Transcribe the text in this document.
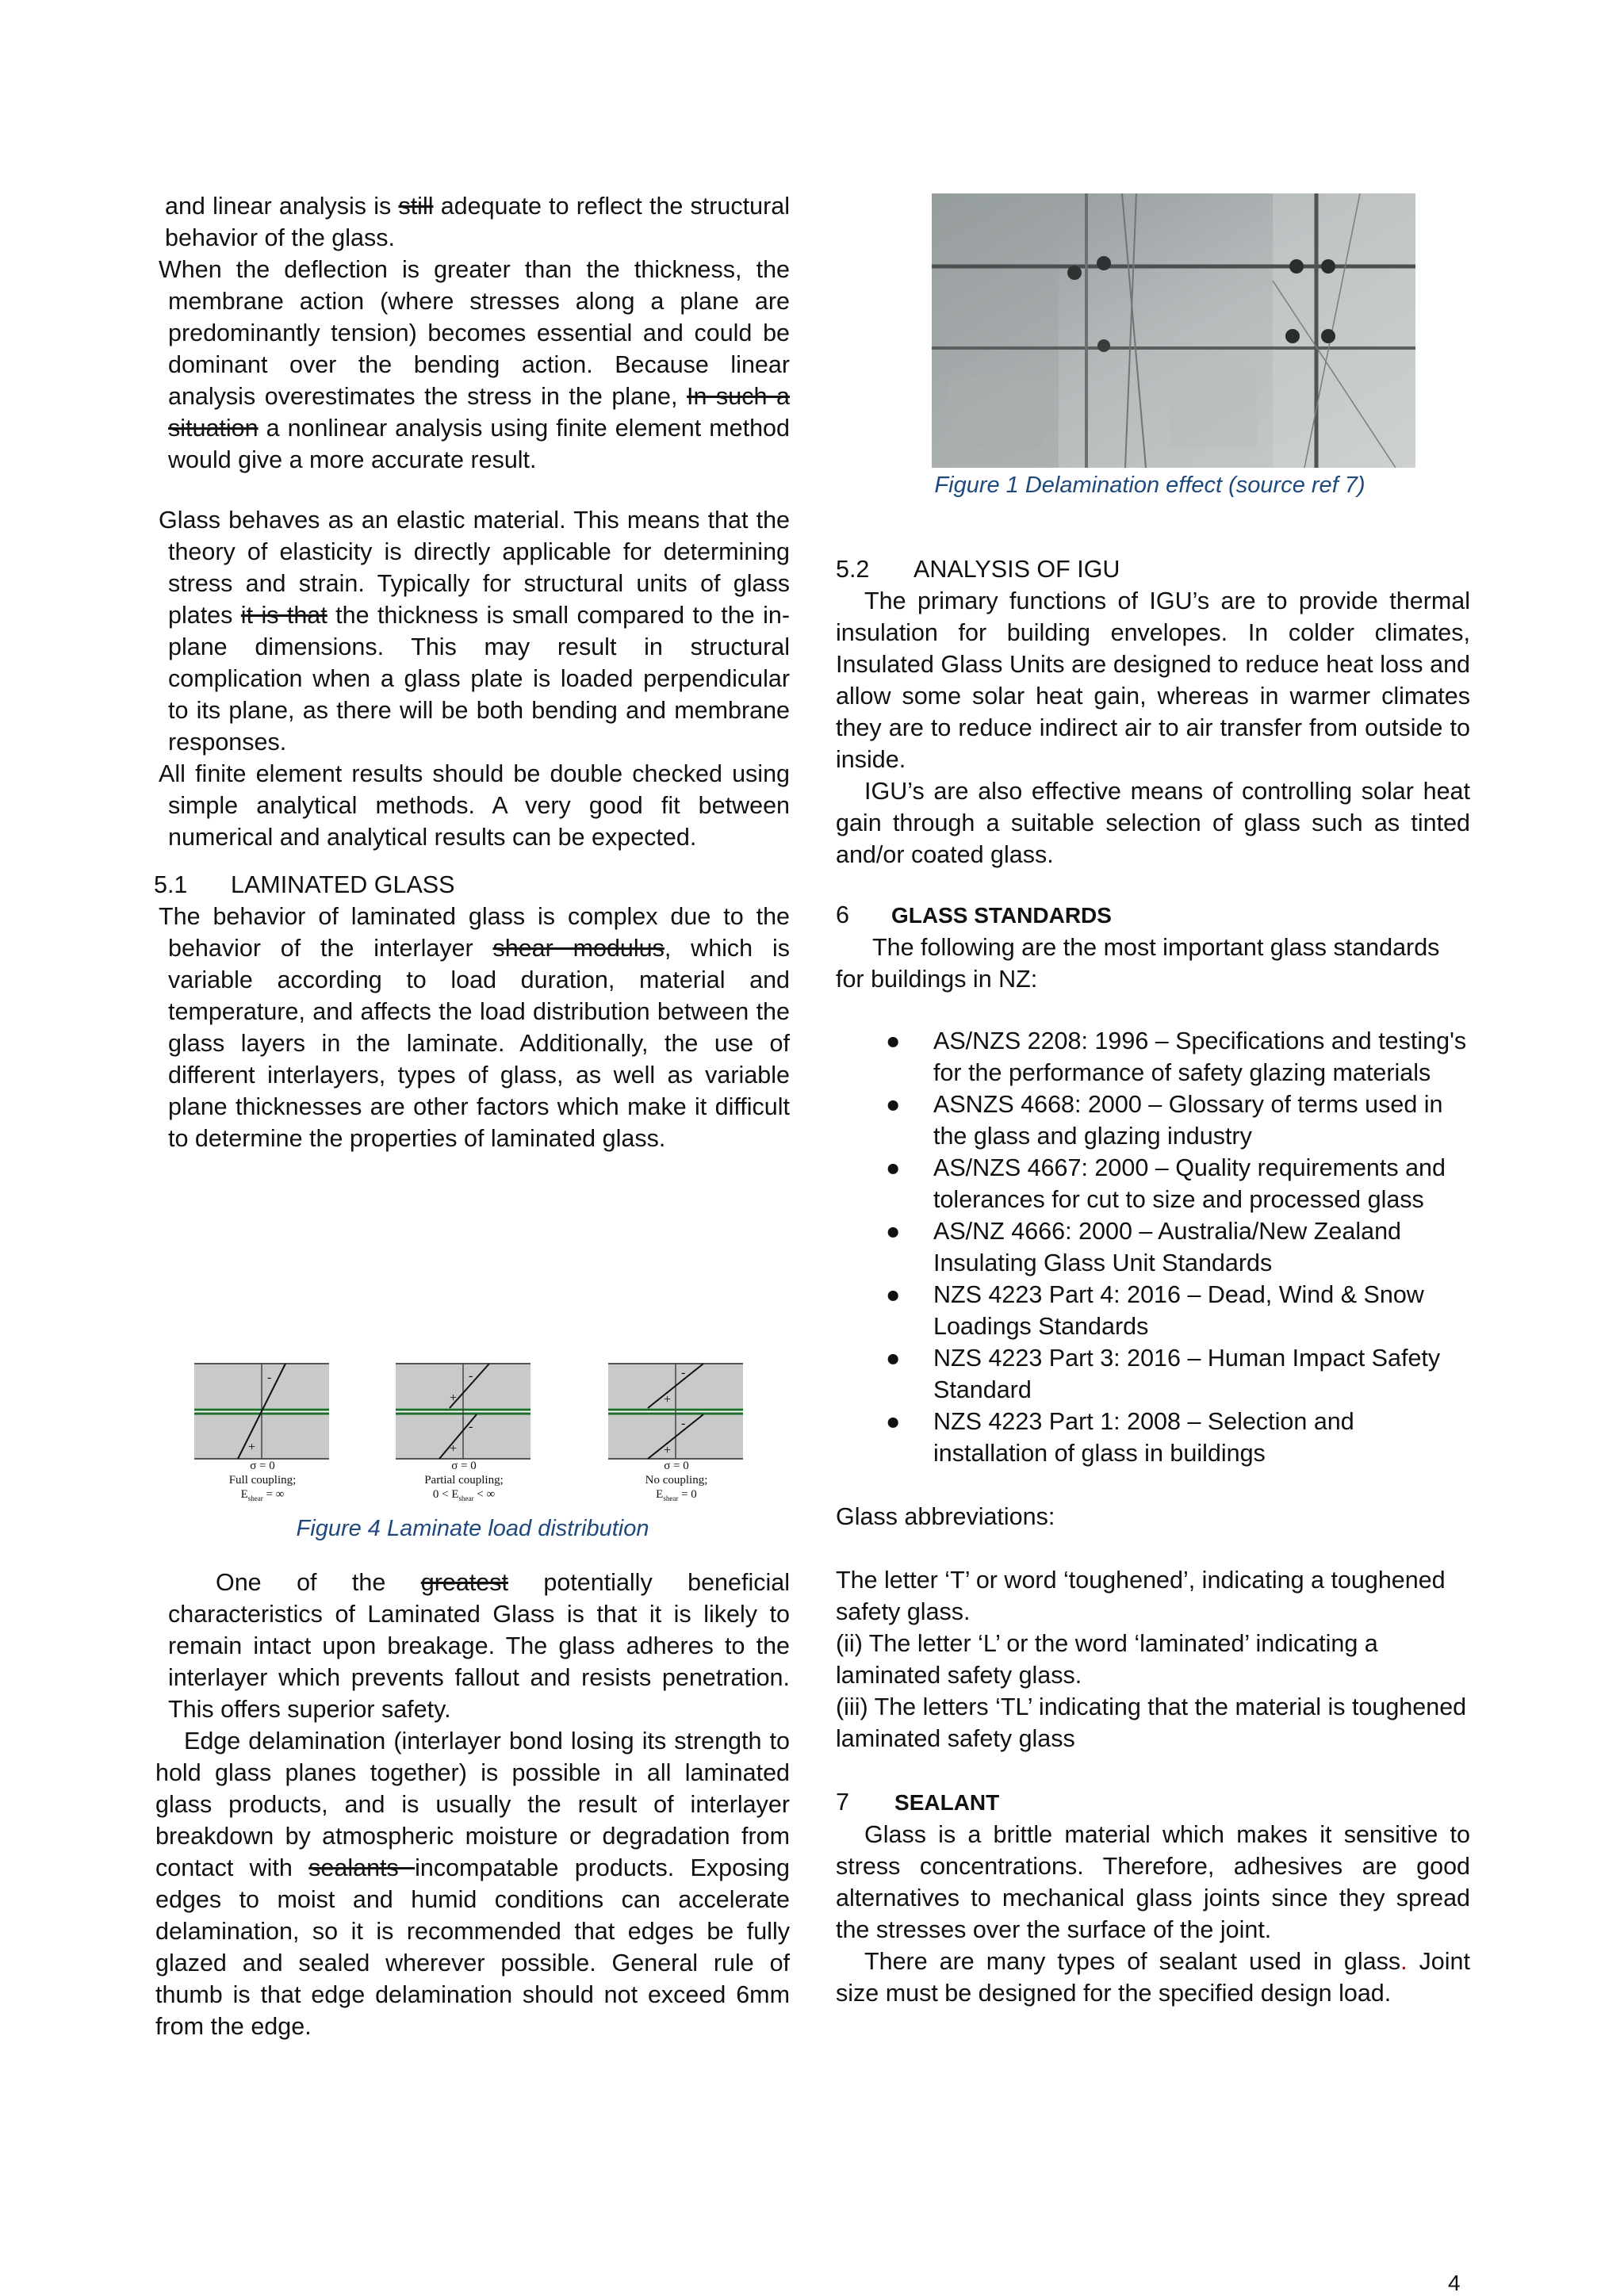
and linear analysis is still adequate to reflect the structural behavior of the glass.

When the deflection is greater than the thickness, the membrane action (where stresses along a plane are predominantly tension) becomes essential and could be dominant over the bending action. Because linear analysis overestimates the stress in the plane, In such a situation a nonlinear analysis using finite element method would give a more accurate result.

Glass behaves as an elastic material. This means that the theory of elasticity is directly applicable for determining stress and strain. Typically for structural units of glass plates it is that the thickness is small compared to the in-plane dimensions. This may result in structural complication when a glass plate is loaded perpendicular to its plane, as there will be both bending and membrane responses.

All finite element results should be double checked using simple analytical methods. A very good fit between numerical and analytical results can be expected.

5.1 LAMINATED GLASS

The behavior of laminated glass is complex due to the behavior of the interlayer shear modulus, which is variable according to load duration, material and temperature, and affects the load distribution between the glass layers in the laminate. Additionally, the use of different interlayers, types of glass, as well as variable plane thicknesses are other factors which make it difficult to determine the properties of laminated glass.

-
+
-
-
+
+
-
-
+
+
σ = 0
Full coupling;
$E_{shear}$ = ∞
σ = 0
Partial coupling;
$0 < E_{shear}$ < ∞
σ = 0
No coupling;
$E_{shear} = 0$
Figure 4 Laminate load distribution

One of the greatest potentially beneficial characteristics of Laminated Glass is that it is likely to remain intact upon breakage. The glass adheres to the interlayer which prevents fallout and resists penetration. This offers superior safety.

Edge delamination (interlayer bond losing its strength to hold glass planes together) is possible in all laminated glass products, and is usually the result of interlayer breakdown by atmospheric moisture or degradation from contact with sealants incompatable products. Exposing edges to moist and humid conditions can accelerate delamination, so it is recommended that edges be fully glazed and sealed wherever possible. General rule of thumb is that edge delamination should not exceed 6mm from the edge.

Figure 1 Delamination effect (source ref 7)
5.2 ANALYSIS OF IGU

The primary functions of IGU’s are to provide thermal insulation for building envelopes. In colder climates, Insulated Glass Units are designed to reduce heat loss and allow some solar heat gain, whereas in warmer climates they are to reduce indirect air to air transfer from outside to inside.

IGU’s are also effective means of controlling solar heat gain through a suitable selection of glass such as tinted and/or coated glass.

6 GLASS STANDARDS

The following are the most important glass standards for buildings in NZ:

● AS/NZS 2208: 1996 – Specifications and testing's for the performance of safety glazing materials
● ASNZS 4668: 2000 – Glossary of terms used in the glass and glazing industry
● AS/NZS 4667: 2000 – Quality requirements and tolerances for cut to size and processed glass
● AS/NZ 4666: 2000 – Australia/New Zealand Insulating Glass Unit Standards
● NZS 4223 Part 4: 2016 – Dead, Wind & Snow Loadings Standards
● NZS 4223 Part 3: 2016 – Human Impact Safety Standard
● NZS 4223 Part 1: 2008 – Selection and installation of glass in buildings

Glass abbreviations:

The letter ‘T’ or word ‘toughened’, indicating a toughened safety glass.

(ii) The letter ‘L’ or the word ‘laminated’ indicating a laminated safety glass.

(iii) The letters ‘TL’ indicating that the material is toughened laminated safety glass

7 SEALANT

Glass is a brittle material which makes it sensitive to stress concentrations. Therefore, adhesives are good alternatives to mechanical glass joints since they spread the stresses over the surface of the joint.

There are many types of sealant used in glass. Joint size must be designed for the specified design load.

4
